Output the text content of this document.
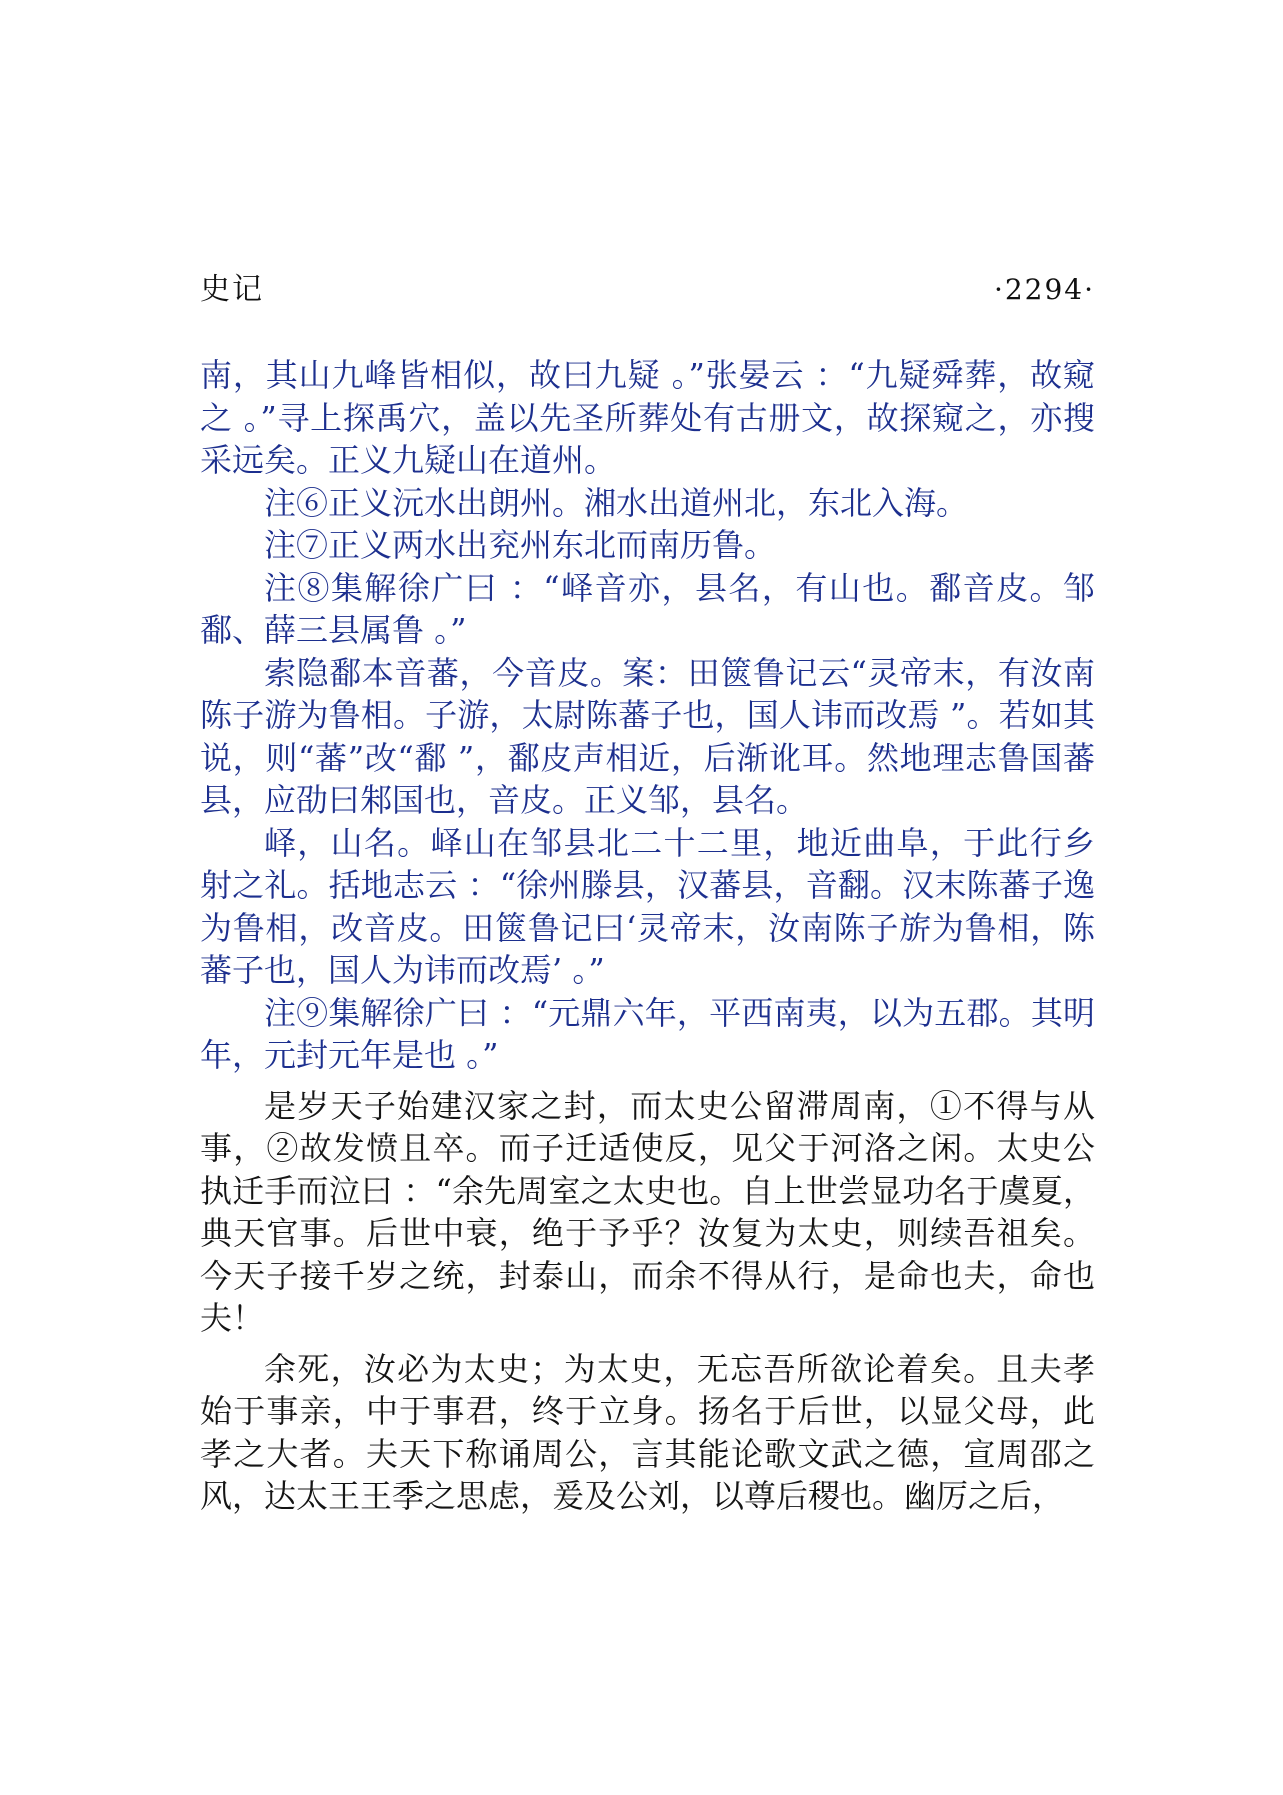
史记	·2294·

南，其山九峰皆相似，故曰九疑 。”张晏云 ：“九疑舜葬，故窥之 。”寻上探禹穴，盖以先圣所葬处有古册文，故探窥之，亦搜采远矣。正义九疑山在道州。

注⑥正义沅水出朗州。湘水出道州北，东北入海。

注⑦正义两水出兖州东北而南历鲁。

注⑧集解徐广曰 ：“峄音亦，县名，有山也。鄱音皮。邹鄱、薛三县属鲁 。”

索隐鄱本音蕃，今音皮。案：田篋鲁记云“灵帝末，有汝南陈子游为鲁相。子游，太尉陈蕃子也，国人讳而改焉 ”。若如其说，则“蕃”改“鄱 ”，鄱皮声相近，后渐讹耳。然地理志鲁国蕃县，应劭曰邾国也，音皮。正义邹，县名。

峄，山名。峄山在邹县北二十二里，地近曲阜，于此行乡射之礼。括地志云 ：“徐州滕县，汉蕃县，音翻。汉末陈蕃子逸为鲁相，改音皮。田篋鲁记曰‘灵帝末，汝南陈子旂为鲁相，陈蕃子也，国人为讳而改焉’ 。”

注⑨集解徐广曰 ：“元鼎六年，平西南夷，以为五郡。其明年，元封元年是也 。”

是岁天子始建汉家之封，而太史公留滞周南，①不得与从事，②故发愤且卒。而子迁适使反，见父于河洛之闲。太史公执迁手而泣曰 ：“余先周室之太史也。自上世尝显功名于虞夏，典天官事。后世中衰，绝于予乎？汝复为太史，则续吾祖矣。今天子接千岁之统，封泰山，而余不得从行，是命也夫，命也夫！

余死，汝必为太史；为太史，无忘吾所欲论着矣。且夫孝始于事亲，中于事君，终于立身。扬名于后世，以显父母，此孝之大者。夫天下称诵周公，言其能论歌文武之德，宣周邵之风，达太王王季之思虑，爰及公刘，以尊后稷也。幽厉之后，
